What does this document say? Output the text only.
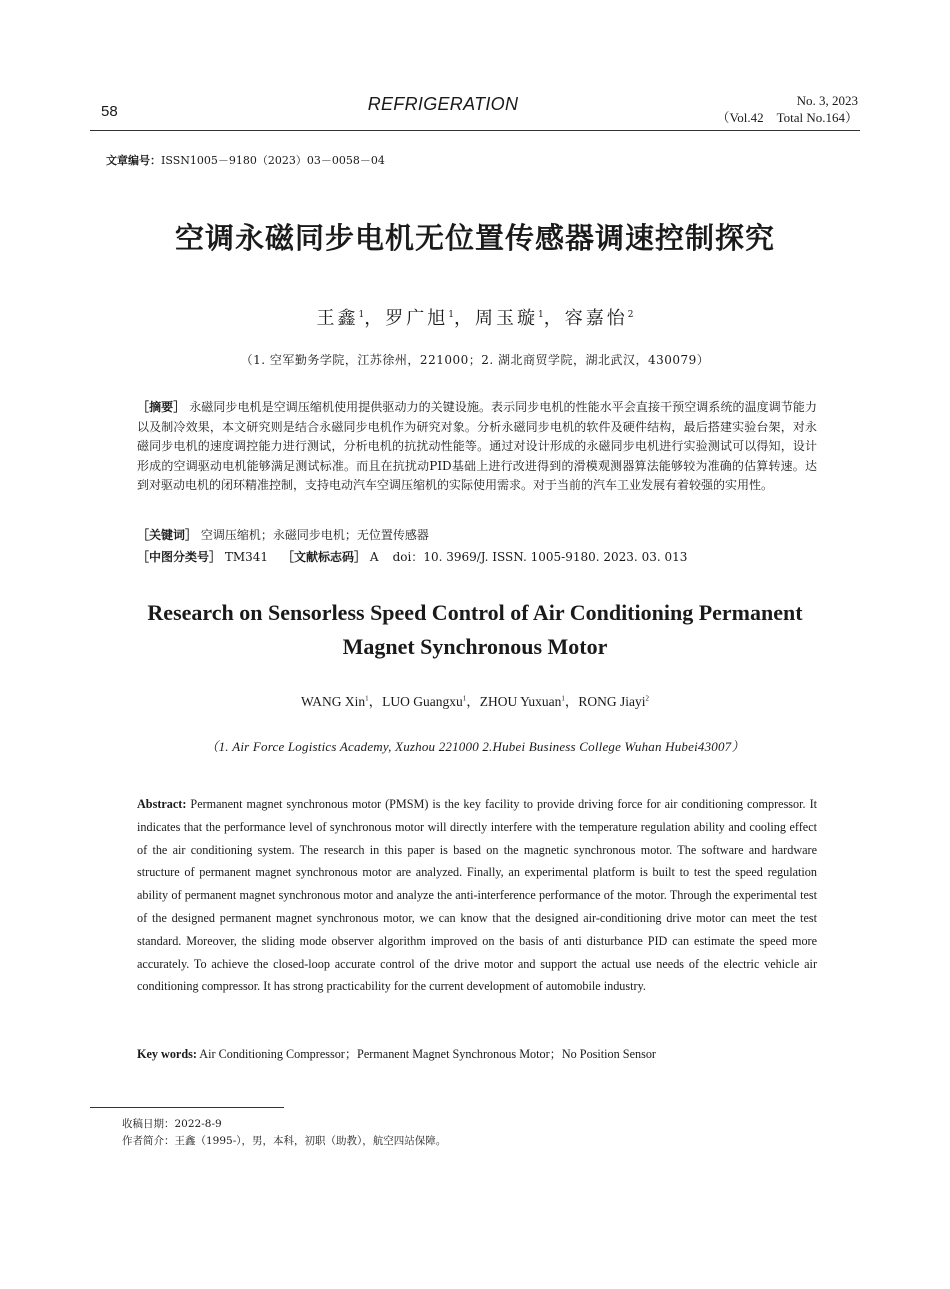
58	REFRIGERATION	No. 3, 2023
（Vol.42　Total No.164）
文章编号：ISSN1005－9180（2023）03－0058－04
空调永磁同步电机无位置传感器调速控制探究
王鑫$^1$，罗广旭$^1$，周玉璇$^1$，容嘉怡$^2$
（1. 空军勤务学院，江苏徐州，221000；2. 湖北商贸学院，湖北武汉，430079）
［摘要］ 永磁同步电机是空调压缩机使用提供驱动力的关键设施。表示同步电机的性能水平会直接干预空调系统的温度调节能力以及制冷效果，本文研究则是结合永磁同步电机作为研究对象。分析永磁同步电机的软件及硬件结构，最后搭建实验台架，对永磁同步电机的速度调控能力进行测试，分析电机的抗扰动性能等。通过对设计形成的永磁同步电机进行实验测试可以得知，设计形成的空调驱动电机能够满足测试标准。而且在抗扰动PID基础上进行改进得到的滑模观测器算法能够较为准确的估算转速。达到对驱动电机的闭环精准控制，支持电动汽车空调压缩机的实际使用需求。对于当前的汽车工业发展有着较强的实用性。
［关键词］ 空调压缩机；永磁同步电机；无位置传感器
［中图分类号］ TM341 ［文献标志码］ A doi：10. 3969/J. ISSN. 1005-9180. 2023. 03. 013
Research on Sensorless Speed Control of Air Conditioning Permanent
Magnet Synchronous Motor
WANG Xin$^1$，LUO Guangxu$^1$，ZHOU Yuxuan$^1$，RONG Jiayi$^2$
（1. Air Force Logistics Academy, Xuzhou 221000 2.Hubei Business College Wuhan Hubei43007）
Abstract: Permanent magnet synchronous motor (PMSM) is the key facility to provide driving force for air conditioning compressor. It indicates that the performance level of synchronous motor will directly interfere with the temperature regulation ability and cooling effect of the air conditioning system. The research in this paper is based on the magnetic synchronous motor. The software and hardware structure of permanent magnet synchronous motor are analyzed. Finally, an experimental platform is built to test the speed regulation ability of permanent magnet synchronous motor and analyze the anti-interference performance of the motor. Through the experimental test of the designed permanent magnet synchronous motor, we can know that the designed air-conditioning drive motor can meet the test standard. Moreover, the sliding mode observer algorithm improved on the basis of anti disturbance PID can estimate the speed more accurately. To achieve the closed-loop accurate control of the drive motor and support the actual use needs of the electric vehicle air conditioning compressor. It has strong practicability for the current development of automobile industry.
Key words: Air Conditioning Compressor；Permanent Magnet Synchronous Motor；No Position Sensor
收稿日期：2022-8-9
作者简介：王鑫（1995-），男，本科，初职（助教），航空四站保障。
